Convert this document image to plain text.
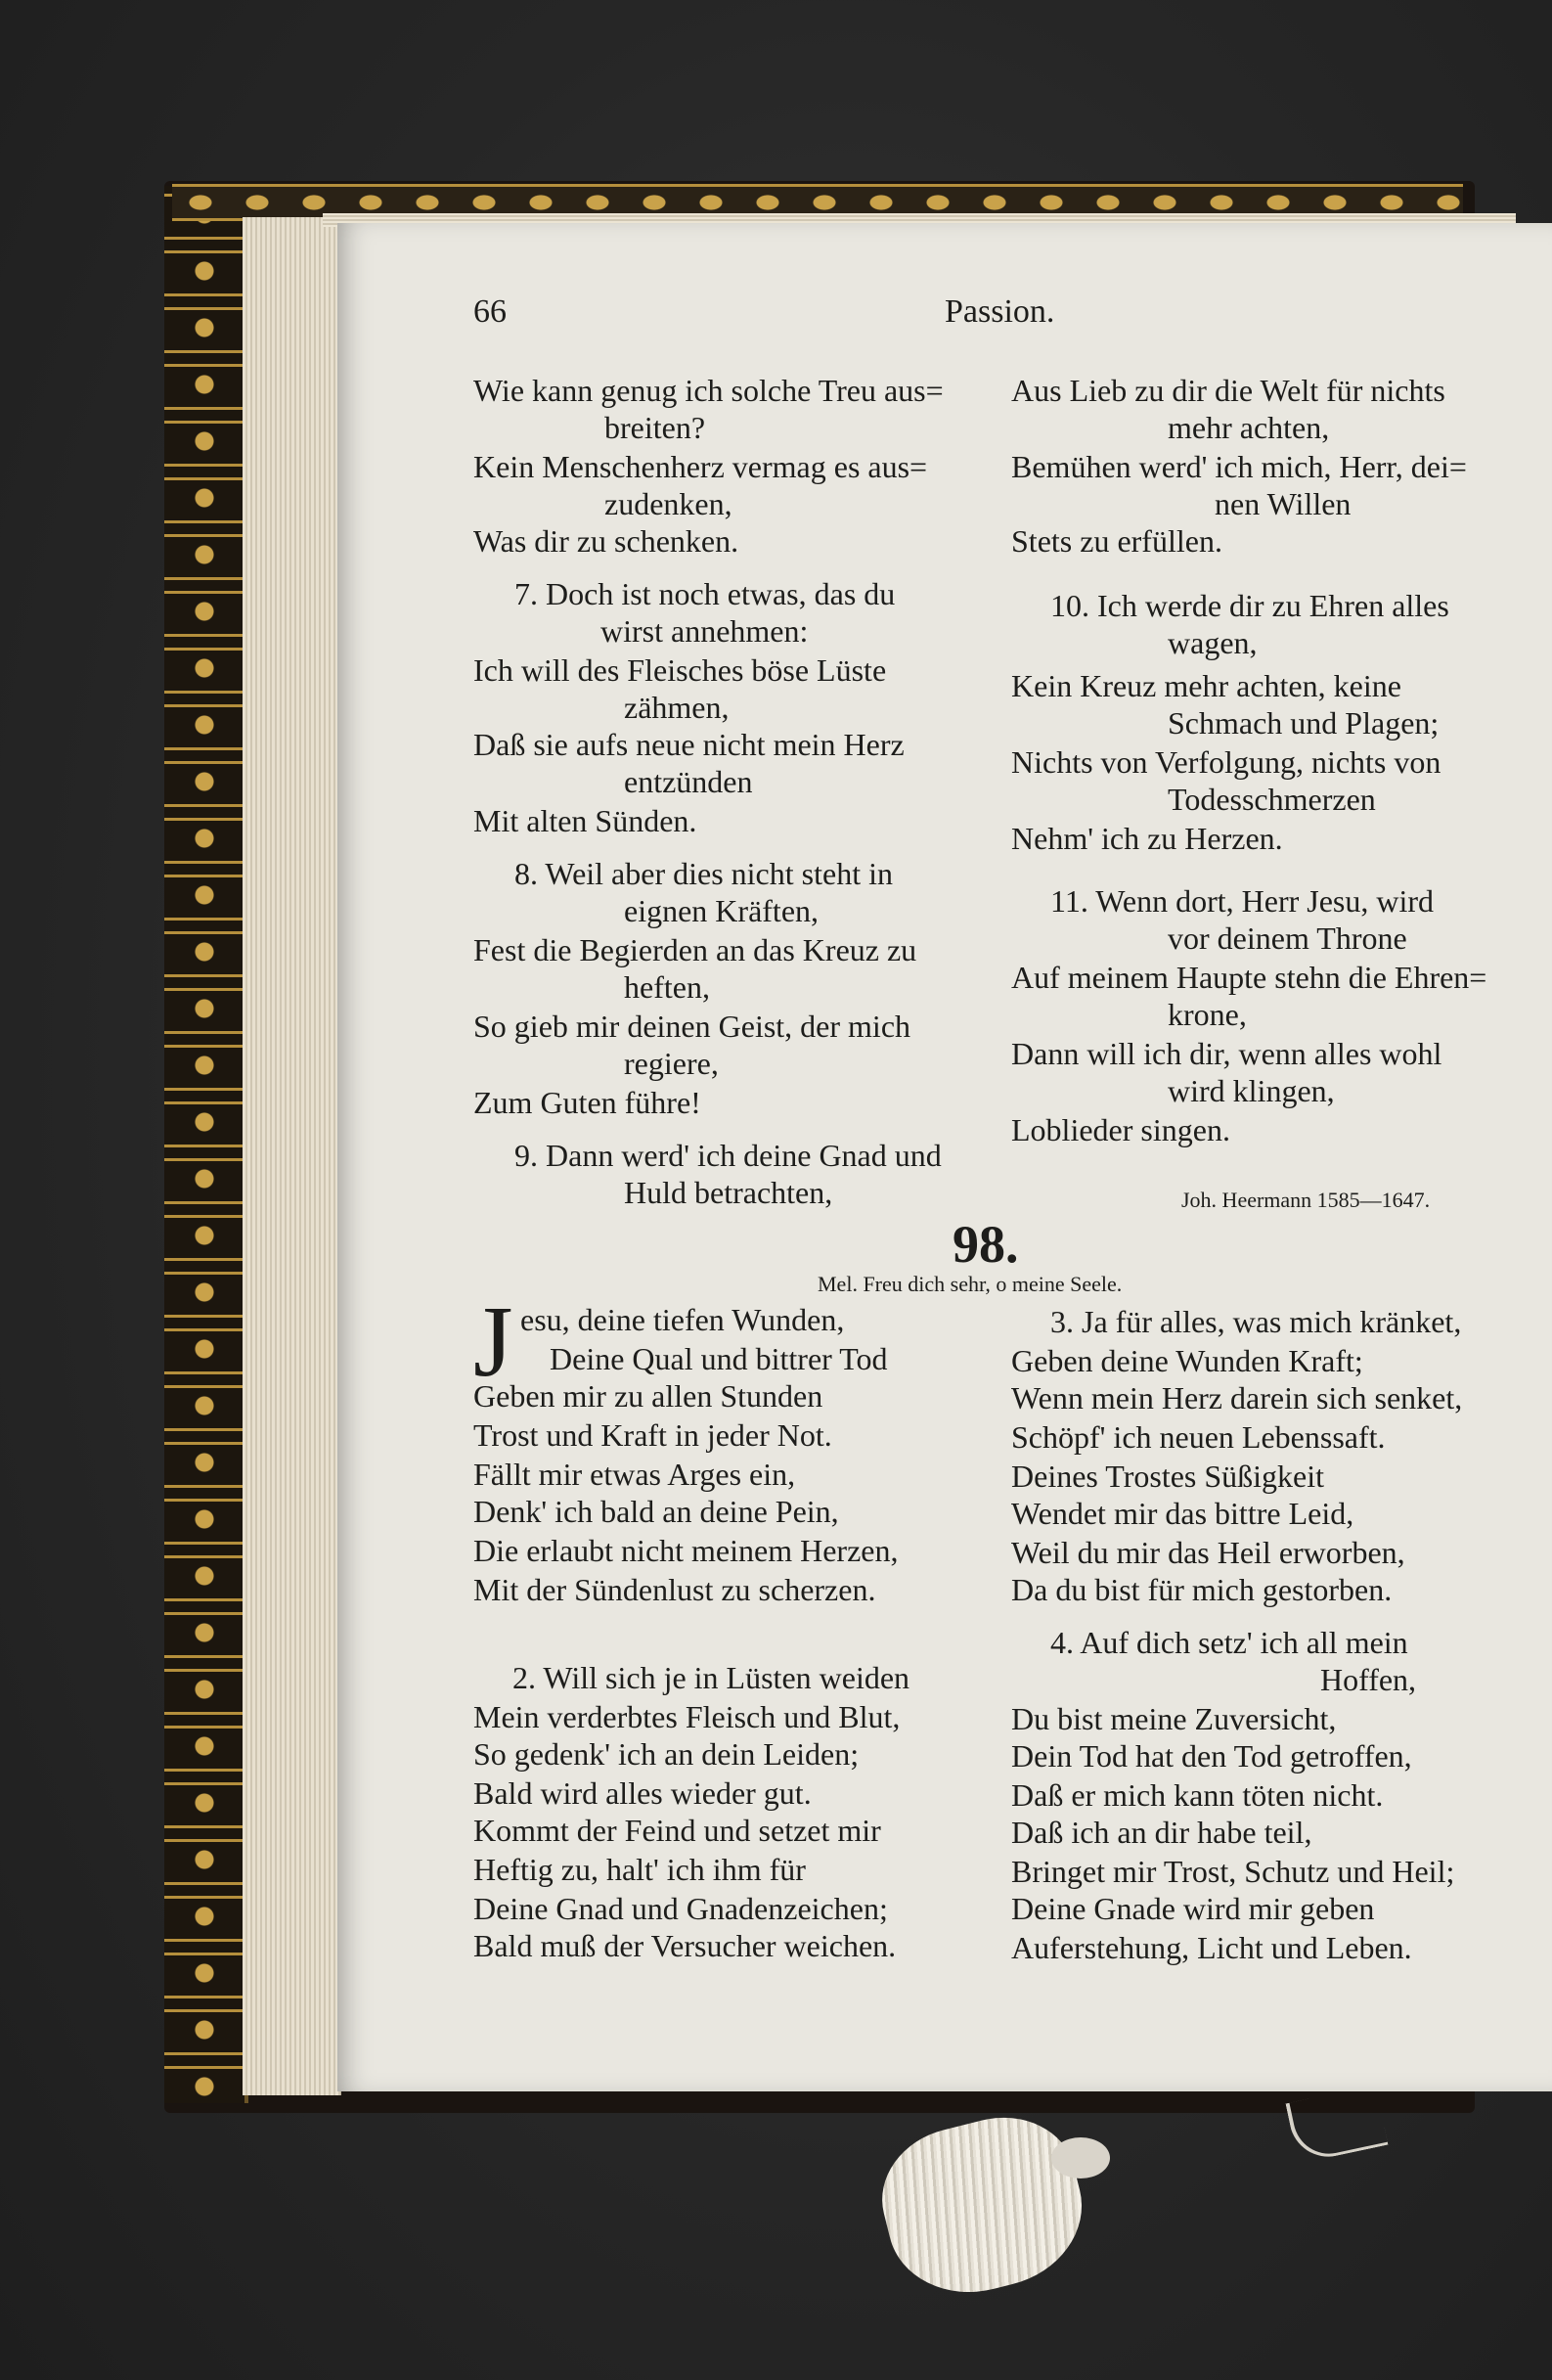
66	Passion.

Wie kann genug ich solche Treu aus=

breiten?

Kein Menschenherz vermag es aus=

zudenken,

Was dir zu schenken.

7. Doch ist noch etwas, das du

wirst annehmen:

Ich will des Fleisches böse Lüste

zähmen,

Daß sie aufs neue nicht mein Herz

entzünden

Mit alten Sünden.

8. Weil aber dies nicht steht in

eignen Kräften,

Fest die Begierden an das Kreuz zu

heften,

So gieb mir deinen Geist, der mich

regiere,

Zum Guten führe!

9. Dann werd' ich deine Gnad und

Huld betrachten,

Aus Lieb zu dir die Welt für nichts

mehr achten,

Bemühen werd' ich mich, Herr, dei=

nen Willen

Stets zu erfüllen.

10. Ich werde dir zu Ehren alles

wagen,

Kein Kreuz mehr achten, keine

Schmach und Plagen;

Nichts von Verfolgung, nichts von

Todesschmerzen

Nehm' ich zu Herzen.

11. Wenn dort, Herr Jesu, wird

vor deinem Throne

Auf meinem Haupte stehn die Ehren=

krone,

Dann will ich dir, wenn alles wohl

wird klingen,

Loblieder singen.

Joh. Heermann 1585—1647.

98.

Mel. Freu dich sehr, o meine Seele.

J esu, deine tiefen Wunden,

Deine Qual und bittrer Tod

Geben mir zu allen Stunden

Trost und Kraft in jeder Not.

Fällt mir etwas Arges ein,

Denk' ich bald an deine Pein,

Die erlaubt nicht meinem Herzen,

Mit der Sündenlust zu scherzen.

2. Will sich je in Lüsten weiden

Mein verderbtes Fleisch und Blut,

So gedenk' ich an dein Leiden;

Bald wird alles wieder gut.

Kommt der Feind und setzet mir

Heftig zu, halt' ich ihm für

Deine Gnad und Gnadenzeichen;

Bald muß der Versucher weichen.

3. Ja für alles, was mich kränket,

Geben deine Wunden Kraft;

Wenn mein Herz darein sich senket,

Schöpf' ich neuen Lebenssaft.

Deines Trostes Süßigkeit

Wendet mir das bittre Leid,

Weil du mir das Heil erworben,

Da du bist für mich gestorben.

4. Auf dich setz' ich all mein

Hoffen,

Du bist meine Zuversicht,

Dein Tod hat den Tod getroffen,

Daß er mich kann töten nicht.

Daß ich an dir habe teil,

Bringet mir Trost, Schutz und Heil;

Deine Gnade wird mir geben

Auferstehung, Licht und Leben.
